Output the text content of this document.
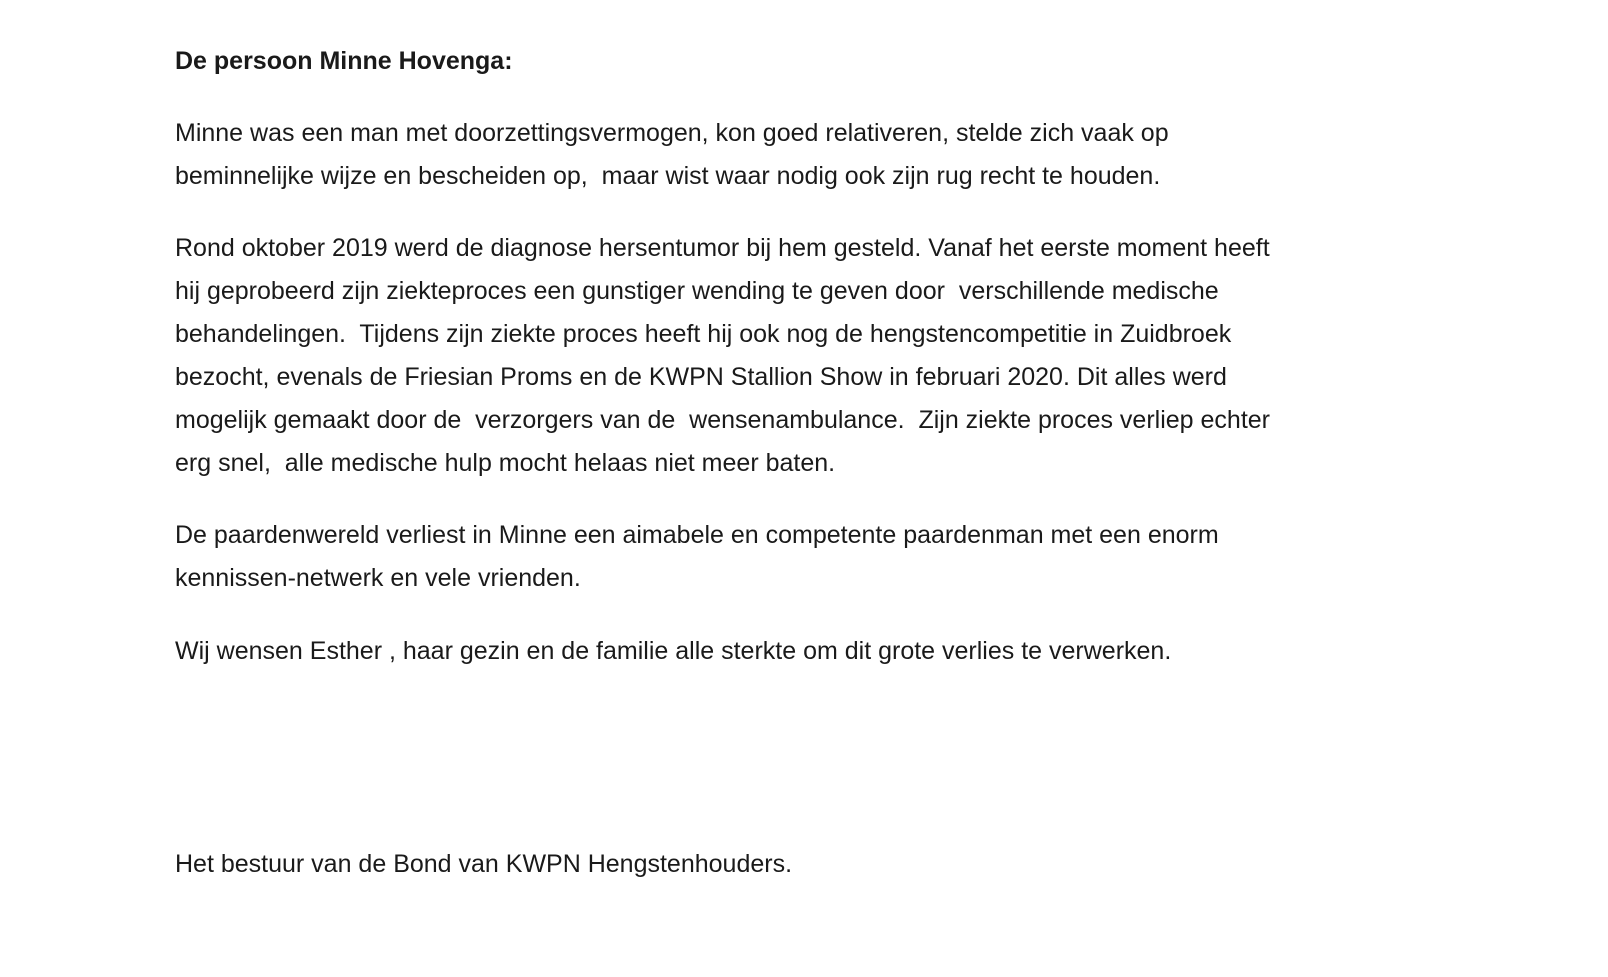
De persoon Minne Hovenga:

Minne was een man met doorzettingsvermogen, kon goed relativeren, stelde zich vaak op
beminnelijke wijze en bescheiden op,  maar wist waar nodig ook zijn rug recht te houden.

Rond oktober 2019 werd de diagnose hersentumor bij hem gesteld. Vanaf het eerste moment heeft
hij geprobeerd zijn ziekteproces een gunstiger wending te geven door  verschillende medische
behandelingen.  Tijdens zijn ziekte proces heeft hij ook nog de hengstencompetitie in Zuidbroek
bezocht, evenals de Friesian Proms en de KWPN Stallion Show in februari 2020. Dit alles werd
mogelijk gemaakt door de  verzorgers van de  wensenambulance.  Zijn ziekte proces verliep echter
erg snel,  alle medische hulp mocht helaas niet meer baten.

De paardenwereld verliest in Minne een aimabele en competente paardenman met een enorm
kennissen-netwerk en vele vrienden.

Wij wensen Esther , haar gezin en de familie alle sterkte om dit grote verlies te verwerken.

Het bestuur van de Bond van KWPN Hengstenhouders.
